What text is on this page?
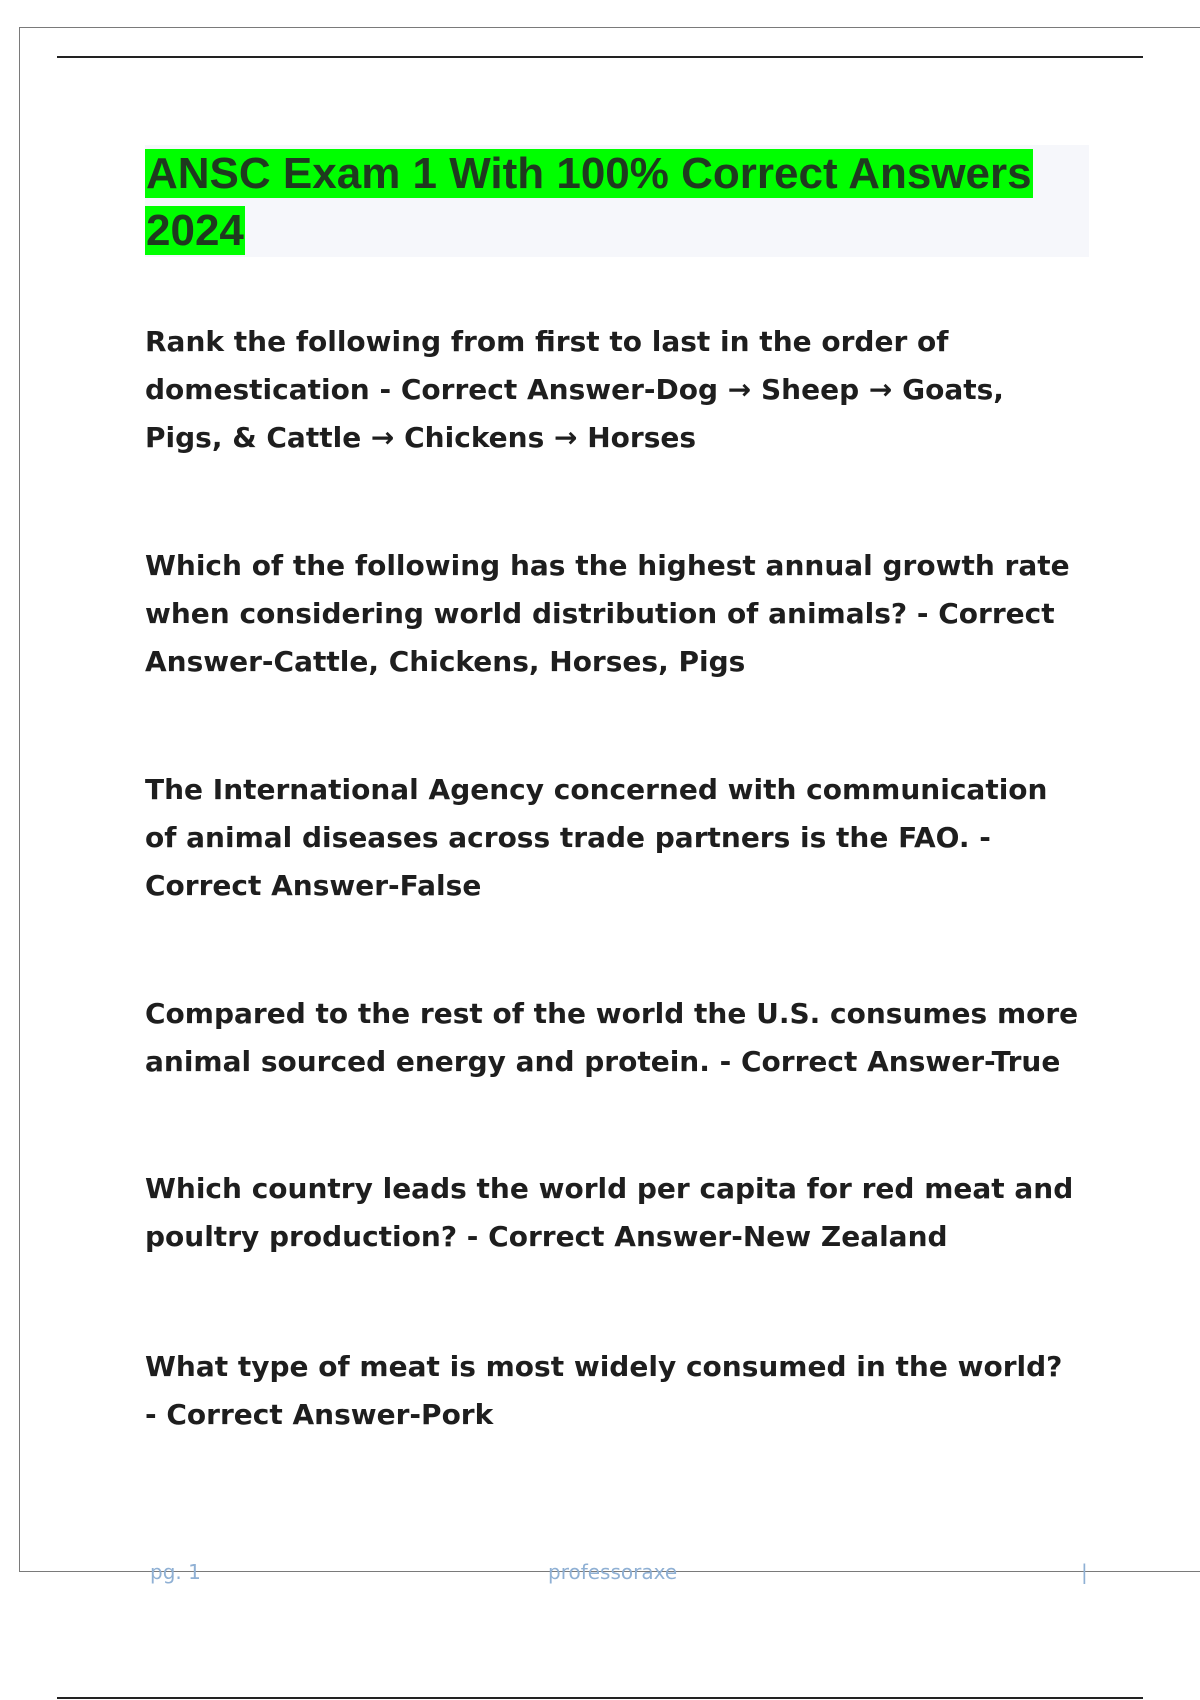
ANSC Exam 1 With 100% Correct Answers 2024

Rank the following from first to last in the order of domestication - Correct Answer-Dog → Sheep → Goats, Pigs, & Cattle → Chickens → Horses

Which of the following has the highest annual growth rate when considering world distribution of animals? - Correct Answer-Cattle, Chickens, Horses, Pigs

The International Agency concerned with communication of animal diseases across trade partners is the FAO. - Correct Answer-False

Compared to the rest of the world the U.S. consumes more animal sourced energy and protein. - Correct Answer-True

Which country leads the world per capita for red meat and poultry production? - Correct Answer-New Zealand

What type of meat is most widely consumed in the world? - Correct Answer-Pork

pg. 1	professoraxe	|
